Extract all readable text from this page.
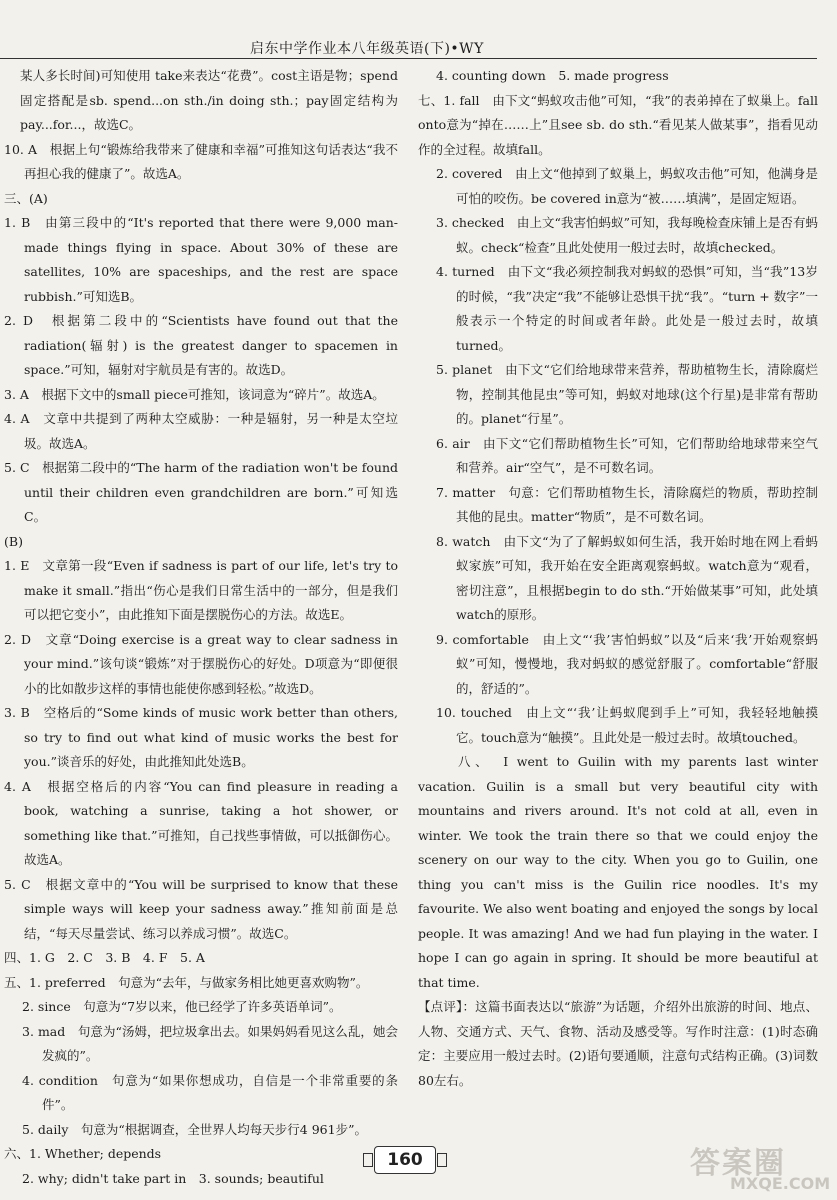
启东中学作业本八年级英语(下)•WY

某人多长时间)可知使用 take来表达“花费”。cost主语是物；spend固定搭配是sb. spend...on sth./in doing sth.；pay固定结构为pay...for...，故选C。

10. A　根据上句“锻炼给我带来了健康和幸福”可推知这句话表达“我不再担心我的健康了”。故选A。

三、(A)

1. B　由第三段中的“It's reported that there were 9,000 man-made things flying in space. About 30% of these are satellites, 10% are spaceships, and the rest are space rubbish.”可知选B。

2. D　根据第二段中的“Scientists have found out that the radiation(辐射) is the greatest danger to spacemen in space.”可知，辐射对宇航员是有害的。故选D。

3. A　根据下文中的small piece可推知，该词意为“碎片”。故选A。

4. A　文章中共提到了两种太空威胁：一种是辐射，另一种是太空垃圾。故选A。

5. C　根据第二段中的“The harm of the radiation won't be found until their children even grandchildren are born.”可知选C。

(B)

1. E　文章第一段“Even if sadness is part of our life, let's try to make it small.”指出“伤心是我们日常生活中的一部分，但是我们可以把它变小”，由此推知下面是摆脱伤心的方法。故选E。

2. D　文章“Doing exercise is a great way to clear sadness in your mind.”该句谈“锻炼”对于摆脱伤心的好处。D项意为“即便很小的比如散步这样的事情也能使你感到轻松。”故选D。

3. B　空格后的“Some kinds of music work better than others, so try to find out what kind of music works the best for you.”谈音乐的好处，由此推知此处选B。

4. A　根据空格后的内容“You can find pleasure in reading a book, watching a sunrise, taking a hot shower, or something like that.”可推知，自己找些事情做，可以抵御伤心。故选A。

5. C　根据文章中的“You will be surprised to know that these simple ways will keep your sadness away.”推知前面是总结，“每天尽量尝试、练习以养成习惯”。故选C。

四、1. G　2. C　3. B　4. F　5. A

五、1. preferred　句意为“去年，与做家务相比她更喜欢购物”。

2. since　句意为“7岁以来，他已经学了许多英语单词”。

3. mad　句意为“汤姆，把垃圾拿出去。如果妈妈看见这么乱，她会发疯的”。

4. condition　句意为“如果你想成功，自信是一个非常重要的条件”。

5. daily　句意为“根据调查，全世界人均每天步行4 961步”。

六、1. Whether; depends

2. why; didn't take part in　3. sounds; beautiful

4. counting down　5. made progress

七、1. fall　由下文“蚂蚁攻击他”可知，“我”的表弟掉在了蚁巢上。fall onto意为“掉在……上”且see sb. do sth.“看见某人做某事”，指看见动作的全过程。故填fall。

2. covered　由上文“他掉到了蚁巢上，蚂蚁攻击他”可知，他满身是可怕的咬伤。be covered in意为“被……填满”，是固定短语。

3. checked　由上文“我害怕蚂蚁”可知，我每晚检查床铺上是否有蚂蚁。check“检查”且此处使用一般过去时，故填checked。

4. turned　由下文“我必须控制我对蚂蚁的恐惧”可知，当“我”13岁的时候，“我”决定“我”不能够让恐惧干扰“我”。“turn + 数字”一般表示一个特定的时间或者年龄。此处是一般过去时，故填turned。

5. planet　由下文“它们给地球带来营养，帮助植物生长，清除腐烂物，控制其他昆虫”等可知，蚂蚁对地球(这个行星)是非常有帮助的。planet“行星”。

6. air　由下文“它们帮助植物生长”可知，它们帮助给地球带来空气和营养。air“空气”，是不可数名词。

7. matter　句意：它们帮助植物生长，清除腐烂的物质，帮助控制其他的昆虫。matter“物质”，是不可数名词。

8. watch　由下文“为了了解蚂蚁如何生活，我开始时地在网上看蚂蚁家族”可知，我开始在安全距离观察蚂蚁。watch意为“观看，密切注意”，且根据begin to do sth.“开始做某事”可知，此处填watch的原形。

9. comfortable　由上文“‘我’害怕蚂蚁”以及“后来‘我’开始观察蚂蚁”可知，慢慢地，我对蚂蚁的感觉舒服了。comfortable“舒服的，舒适的”。

10. touched　由上文“‘我’让蚂蚁爬到手上”可知，我轻轻地触摸它。touch意为“触摸”。且此处是一般过去时。故填touched。

八、　I went to Guilin with my parents last winter vacation. Guilin is a small but very beautiful city with mountains and rivers around. It's not cold at all, even in winter. We took the train there so that we could enjoy the scenery on our way to the city. When you go to Guilin, one thing you can't miss is the Guilin rice noodles. It's my favourite. We also went boating and enjoyed the songs by local people. It was amazing! And we had fun playing in the water. I hope I can go again in spring. It should be more beautiful at that time.

【点评】：这篇书面表达以“旅游”为话题，介绍外出旅游的时间、地点、人物、交通方式、天气、食物、活动及感受等。写作时注意：(1)时态确定：主要应用一般过去时。(2)语句要通顺，注意句式结构正确。(3)词数80左右。

160	答案圈
MXQE.COM
